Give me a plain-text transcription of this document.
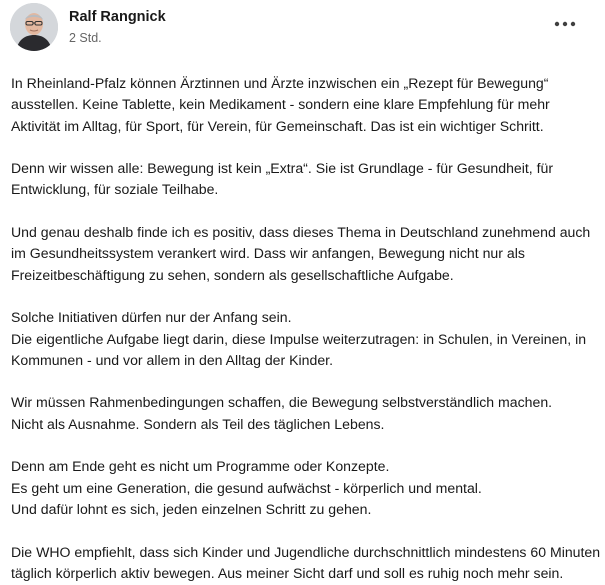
Ralf Rangnick
2 Std.

In Rheinland-Pfalz können Ärztinnen und Ärzte inzwischen ein „Rezept für Bewegung“
ausstellen. Keine Tablette, kein Medikament - sondern eine klare Empfehlung für mehr
Aktivität im Alltag, für Sport, für Verein, für Gemeinschaft. Das ist ein wichtiger Schritt.

Denn wir wissen alle: Bewegung ist kein „Extra“. Sie ist Grundlage - für Gesundheit, für
Entwicklung, für soziale Teilhabe.

Und genau deshalb finde ich es positiv, dass dieses Thema in Deutschland zunehmend auch
im Gesundheitssystem verankert wird. Dass wir anfangen, Bewegung nicht nur als
Freizeitbeschäftigung zu sehen, sondern als gesellschaftliche Aufgabe.

Solche Initiativen dürfen nur der Anfang sein.
Die eigentliche Aufgabe liegt darin, diese Impulse weiterzutragen: in Schulen, in Vereinen, in
Kommunen - und vor allem in den Alltag der Kinder.

Wir müssen Rahmenbedingungen schaffen, die Bewegung selbstverständlich machen.
Nicht als Ausnahme. Sondern als Teil des täglichen Lebens.

Denn am Ende geht es nicht um Programme oder Konzepte.
Es geht um eine Generation, die gesund aufwächst - körperlich und mental.
Und dafür lohnt es sich, jeden einzelnen Schritt zu gehen.

Die WHO empfiehlt, dass sich Kinder und Jugendliche durchschnittlich mindestens 60 Minuten
täglich körperlich aktiv bewegen. Aus meiner Sicht darf und soll es ruhig noch mehr sein.
